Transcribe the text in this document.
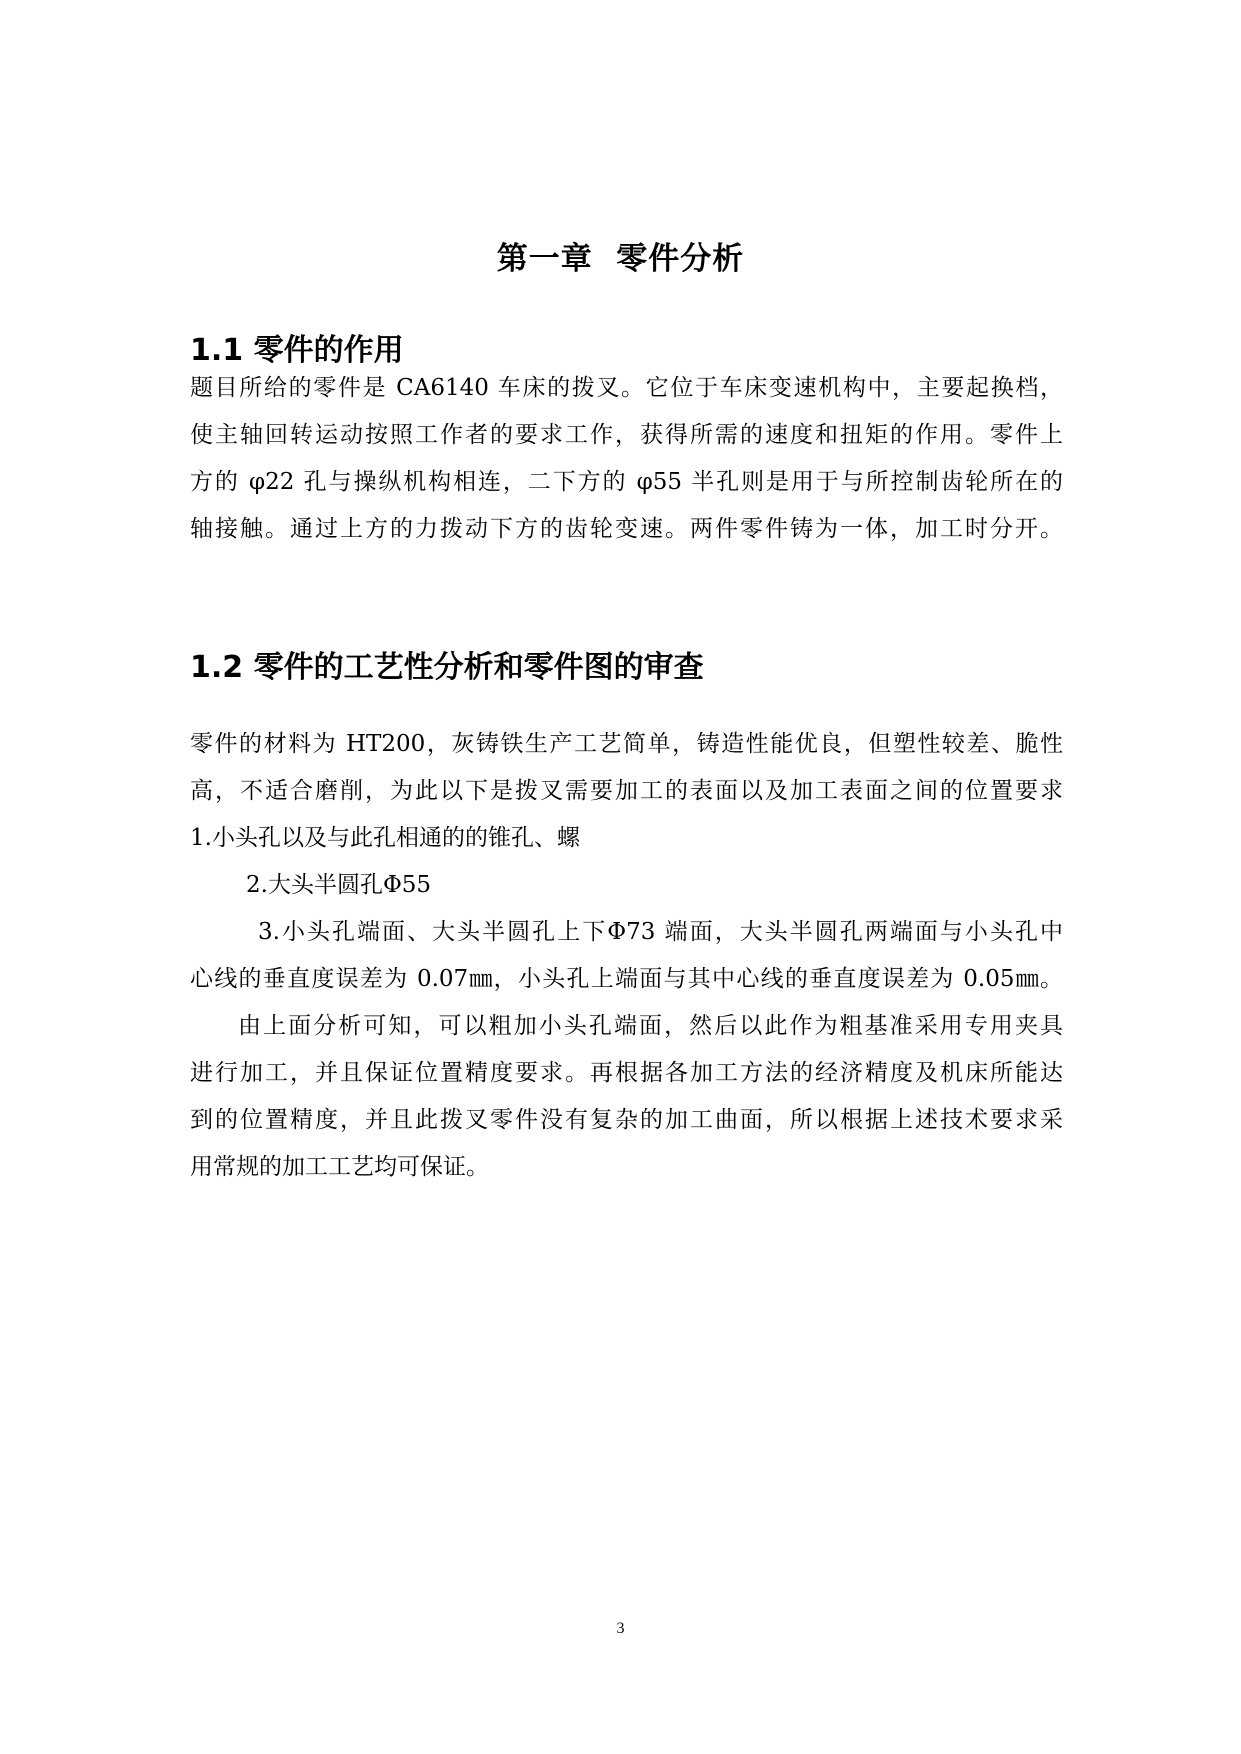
第一章  零件分析
1.1 零件的作用
题目所给的零件是 CA6140 车床的拨叉。它位于车床变速机构中，主要起换档，
使主轴回转运动按照工作者的要求工作，获得所需的速度和扭矩的作用。零件上
方的 φ22 孔与操纵机构相连，二下方的 φ55 半孔则是用于与所控制齿轮所在的
轴接触。通过上方的力拨动下方的齿轮变速。两件零件铸为一体，加工时分开。
1.2 零件的工艺性分析和零件图的审查
零件的材料为 HT200，灰铸铁生产工艺简单，铸造性能优良，但塑性较差、脆性
高，不适合磨削，为此以下是拨叉需要加工的表面以及加工表面之间的位置要求
1.小头孔以及与此孔相通的的锥孔、螺
2.大头半圆孔Φ55
3.小头孔端面、大头半圆孔上下Φ73 端面，大头半圆孔两端面与小头孔中
心线的垂直度误差为 0.07㎜，小头孔上端面与其中心线的垂直度误差为 0.05㎜。
由上面分析可知，可以粗加小头孔端面，然后以此作为粗基准采用专用夹具
进行加工，并且保证位置精度要求。再根据各加工方法的经济精度及机床所能达
到的位置精度，并且此拨叉零件没有复杂的加工曲面，所以根据上述技术要求采
用常规的加工工艺均可保证。
3
